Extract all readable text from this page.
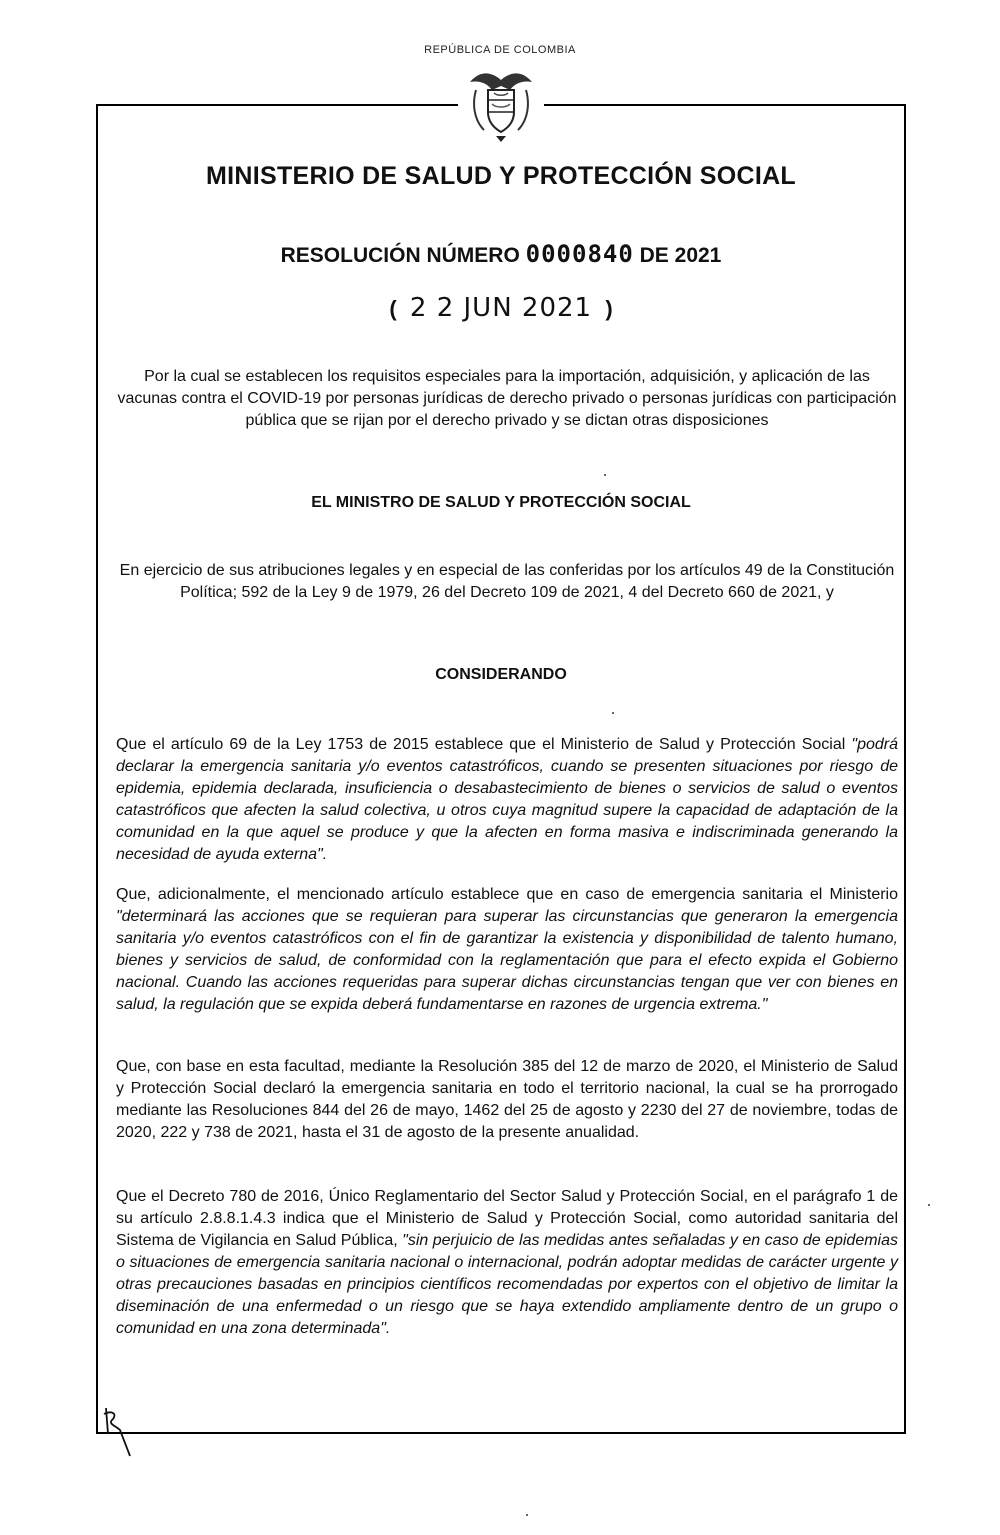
REPÚBLICA DE COLOMBIA
MINISTERIO DE SALUD Y PROTECCIÓN SOCIAL
RESOLUCIÓN NÚMERO 0000840 DE 2021
( 2 2 JUN 2021 )
Por la cual se establecen los requisitos especiales para la importación, adquisición, y aplicación de las vacunas contra el COVID-19 por personas jurídicas de derecho privado o personas jurídicas con participación pública que se rijan por el derecho privado y se dictan otras disposiciones
EL MINISTRO DE SALUD Y PROTECCIÓN SOCIAL
En ejercicio de sus atribuciones legales y en especial de las conferidas por los artículos 49 de la Constitución Política; 592 de la Ley 9 de 1979, 26 del Decreto 109 de 2021, 4 del Decreto 660 de 2021, y
CONSIDERANDO
Que el artículo 69 de la Ley 1753 de 2015 establece que el Ministerio de Salud y Protección Social "podrá declarar la emergencia sanitaria y/o eventos catastróficos, cuando se presenten situaciones por riesgo de epidemia, epidemia declarada, insuficiencia o desabastecimiento de bienes o servicios de salud o eventos catastróficos que afecten la salud colectiva, u otros cuya magnitud supere la capacidad de adaptación de la comunidad en la que aquel se produce y que la afecten en forma masiva e indiscriminada generando la necesidad de ayuda externa".
Que, adicionalmente, el mencionado artículo establece que en caso de emergencia sanitaria el Ministerio "determinará las acciones que se requieran para superar las circunstancias que generaron la emergencia sanitaria y/o eventos catastróficos con el fin de garantizar la existencia y disponibilidad de talento humano, bienes y servicios de salud, de conformidad con la reglamentación que para el efecto expida el Gobierno nacional. Cuando las acciones requeridas para superar dichas circunstancias tengan que ver con bienes en salud, la regulación que se expida deberá fundamentarse en razones de urgencia extrema."
Que, con base en esta facultad, mediante la Resolución 385 del 12 de marzo de 2020, el Ministerio de Salud y Protección Social declaró la emergencia sanitaria en todo el territorio nacional, la cual se ha prorrogado mediante las Resoluciones 844 del 26 de mayo, 1462 del 25 de agosto y 2230 del 27 de noviembre, todas de 2020, 222 y 738 de 2021, hasta el 31 de agosto de la presente anualidad.
Que el Decreto 780 de 2016, Único Reglamentario del Sector Salud y Protección Social, en el parágrafo 1 de su artículo 2.8.8.1.4.3 indica que el Ministerio de Salud y Protección Social, como autoridad sanitaria del Sistema de Vigilancia en Salud Pública, "sin perjuicio de las medidas antes señaladas y en caso de epidemias o situaciones de emergencia sanitaria nacional o internacional, podrán adoptar medidas de carácter urgente y otras precauciones basadas en principios científicos recomendadas por expertos con el objetivo de limitar la diseminación de una enfermedad o un riesgo que se haya extendido ampliamente dentro de un grupo o comunidad en una zona determinada".
